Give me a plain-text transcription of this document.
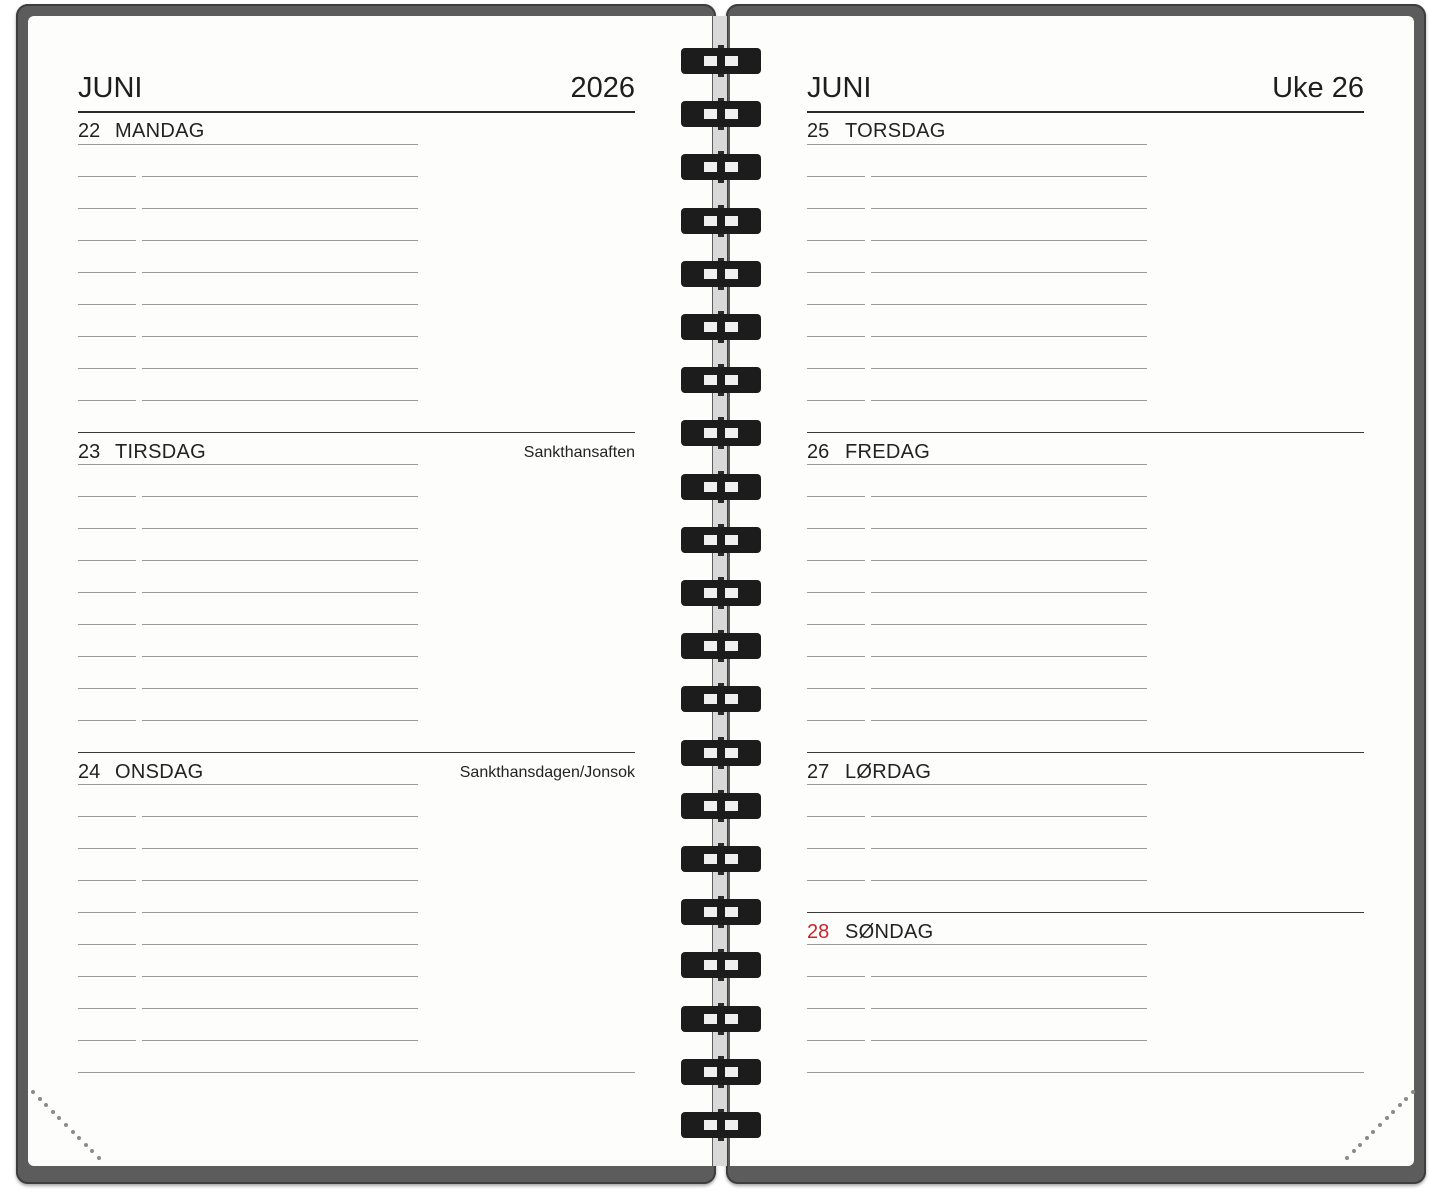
JUNI	2026	JUNI	Uke 26
22 MANDAG
23 TIRSDAG	Sankthansaften
24 ONSDAG	Sankthansdagen/Jonsok
25 TORSDAG
26 FREDAG
27 LØRDAG
28 SØNDAG
